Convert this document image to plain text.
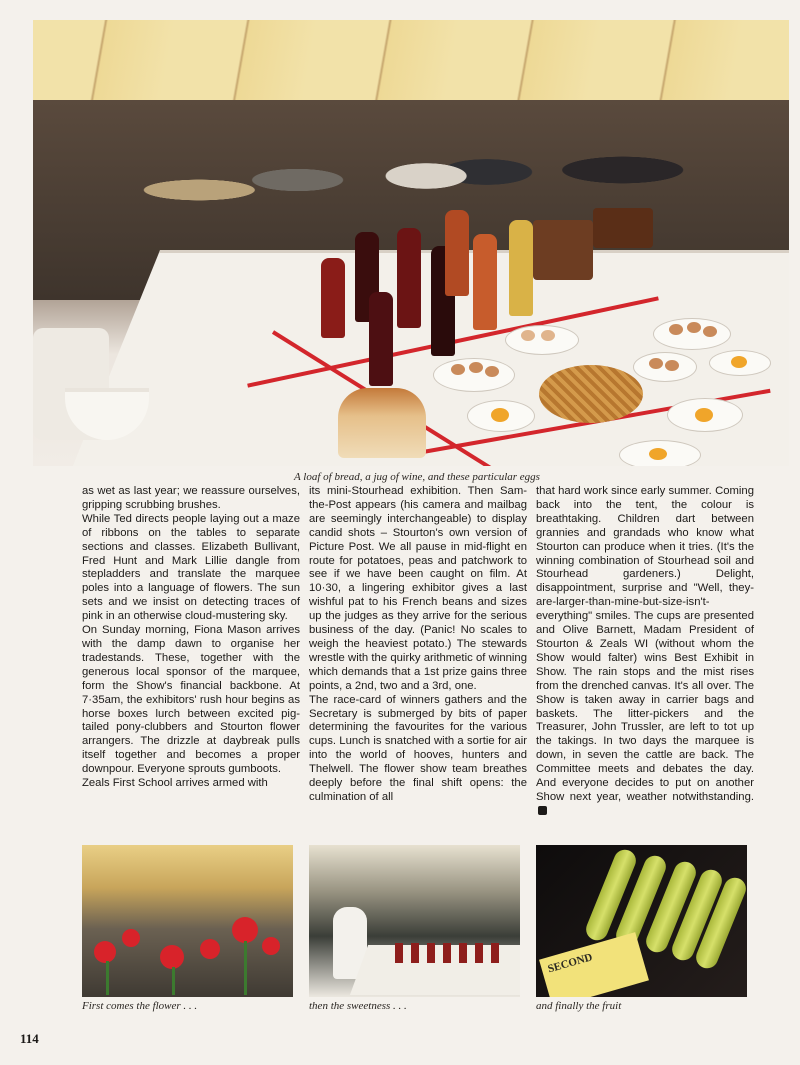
A loaf of bread, a jug of wine, and these particular eggs

as wet as last year; we reassure ourselves, gripping scrubbing brushes.

While Ted directs people laying out a maze of ribbons on the tables to separate sections and classes. Elizabeth Bullivant, Fred Hunt and Mark Lillie dangle from stepladders and translate the marquee poles into a language of flowers. The sun sets and we insist on detecting traces of pink in an otherwise cloud-mustering sky.

On Sunday morning, Fiona Mason arrives with the damp dawn to organise her tradestands. These, together with the generous local sponsor of the marquee, form the Show's financial backbone. At 7·35am, the exhibitors' rush hour begins as horse boxes lurch between excited pig-tailed pony-clubbers and Stourton flower arrangers. The drizzle at daybreak pulls itself together and becomes a proper downpour. Everyone sprouts gumboots.

Zeals First School arrives armed with

its mini-Stourhead exhibition. Then Sam-the-Post appears (his camera and mailbag are seemingly interchangeable) to display candid shots – Stourton's own version of Picture Post. We all pause in mid-flight en route for potatoes, peas and patchwork to see if we have been caught on film. At 10·30, a lingering exhibitor gives a last wishful pat to his French beans and sizes up the judges as they arrive for the serious business of the day. (Panic! No scales to weigh the heaviest potato.) The stewards wrestle with the quirky arithmetic of winning which demands that a 1st prize gains three points, a 2nd, two and a 3rd, one.

The race-card of winners gathers and the Secretary is submerged by bits of paper determining the favourites for the various cups. Lunch is snatched with a sortie for air into the world of hooves, hunters and Thelwell. The flower show team breathes deeply before the final shift opens: the culmination of all

that hard work since early summer. Coming back into the tent, the colour is breathtaking. Children dart between grannies and grandads who know what Stourton can produce when it tries. (It's the winning combination of Stourhead soil and Stourhead gardeners.) Delight, disappointment, surprise and "Well, they-are-larger-than-mine-but-size-isn't-everything" smiles. The cups are presented and Olive Barnett, Madam President of Stourton & Zeals WI (without whom the Show would falter) wins Best Exhibit in Show. The rain stops and the mist rises from the drenched canvas. It's all over. The Show is taken away in carrier bags and baskets. The litter-pickers and the Treasurer, John Trussler, are left to tot up the takings. In two days the marquee is down, in seven the cattle are back. The Committee meets and debates the day. And everyone decides to put on another Show next year, weather notwithstanding.

SECOND
First comes the flower . . .	then the sweetness . . .	and finally the fruit
114
